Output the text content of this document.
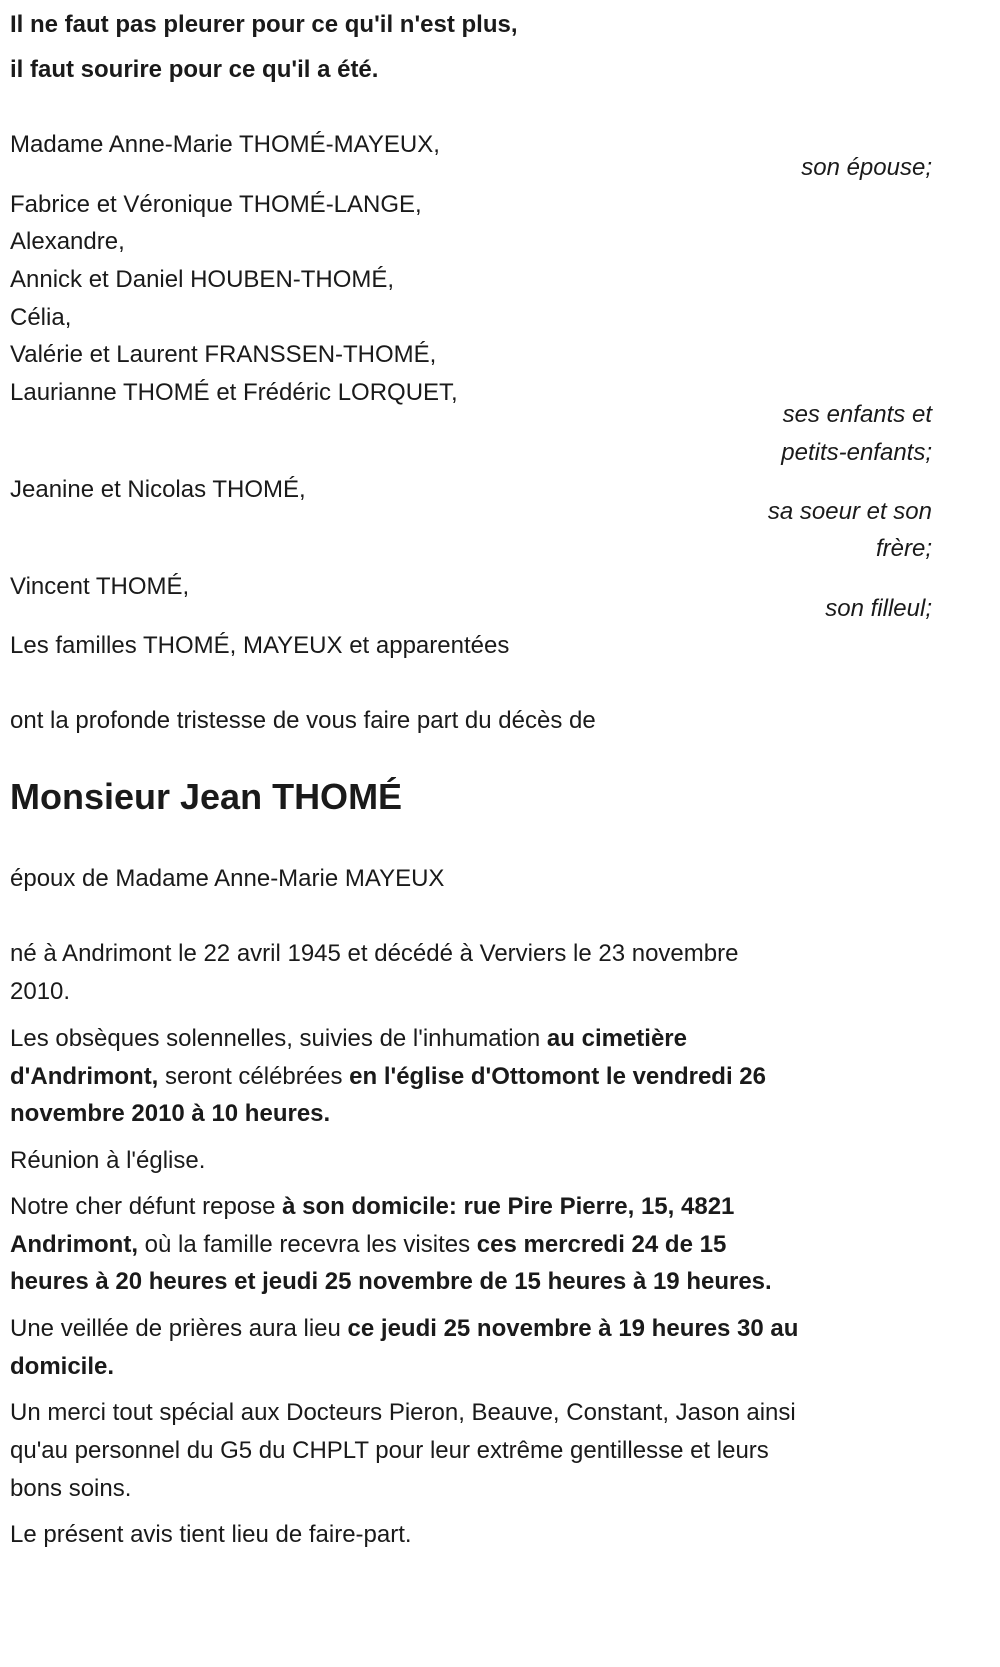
Il ne faut pas pleurer pour ce qu'il n'est plus,
il faut sourire pour ce qu'il a été.
Madame Anne-Marie THOMÉ-MAYEUX,
son épouse;
Fabrice et Véronique THOMÉ-LANGE,
Alexandre,
Annick et Daniel HOUBEN-THOMÉ,
Célia,
Valérie et Laurent FRANSSEN-THOMÉ,
Laurianne THOMÉ et Frédéric LORQUET,
ses enfants et
petits-enfants;
Jeanine et Nicolas THOMÉ,
sa soeur et son
frère;
Vincent THOMÉ,
son filleul;
Les familles THOMÉ, MAYEUX et apparentées
ont la profonde tristesse de vous faire part du décès de
Monsieur Jean THOMÉ
époux de Madame Anne-Marie MAYEUX
né à Andrimont le 22 avril 1945 et décédé à Verviers le 23 novembre
2010.
Les obsèques solennelles, suivies de l'inhumation au cimetière
d'Andrimont, seront célébrées en l'église d'Ottomont le vendredi 26
novembre 2010 à 10 heures.
Réunion à l'église.
Notre cher défunt repose à son domicile: rue Pire Pierre, 15, 4821
Andrimont, où la famille recevra les visites ces mercredi 24 de 15
heures à 20 heures et jeudi 25 novembre de 15 heures à 19 heures.
Une veillée de prières aura lieu ce jeudi 25 novembre à 19 heures 30 au
domicile.
Un merci tout spécial aux Docteurs Pieron, Beauve, Constant, Jason ainsi
qu'au personnel du G5 du CHPLT pour leur extrême gentillesse et leurs
bons soins.
Le présent avis tient lieu de faire-part.
